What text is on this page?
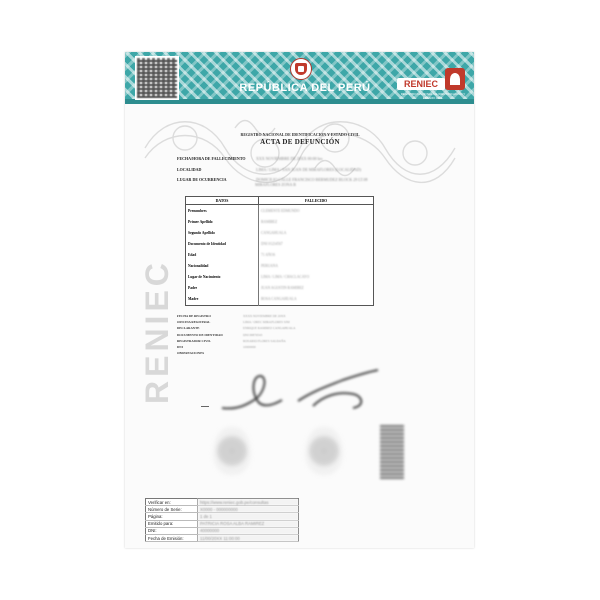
REPÚBLICA DEL PERÚ	RENIEC
REGISTRO NACIONAL DE IDENTIFICACIÓN Y ESTADO CIVIL
RENIEC
REGISTRO NACIONAL DE IDENTIFICACION Y ESTADO CIVIL
ACTA DE DEFUNCIÓN
FECHA/HORA DE FALLECIMIENTO	XXX NOVIEMBRE DE 20XX 00:00 hrs
LOCALIDAD	LIMA / LIMA / SAN JUAN DE MIRAFLORES (LOCALIDAD)
LUGAR DE OCURRENCIA	DOMICILIO CALLE FRANCISCO BERMUDEZ BLOCK 29 LT.08
MIRAFLORES ZONA B
DATOS	FALLECIDO
Prenombres	CLEMENTE EDMUNDO
Primer Apellido	RAMIREZ
Segundo Apellido	CANGAHUALA
Documento de Identidad	DNI 01234567
Edad	71 AÑOS
Nacionalidad	PERUANA
Lugar de Nacimiento	LIMA / LIMA / CHACLACAYO
Padre	JUAN AGUSTIN RAMIREZ
Madre	ROSA CANGAHUALA
FECHA DE REGISTRO	XXXX NOVIEMBRE DE 20XX
OFICINA REGISTRAL	LIMA / OREC MIRAFLORES SJM
DECLARANTE	ENRIQUE RAMIREZ CANGAHUALA
DOCUMENTO DE IDENTIDAD	DNI 09876543
REGISTRADOR CIVIL	ROSARIO FLORES SALDAÑA
DNI	10000000
OBSERVACIONES
Verificar en:	https://www.reniec.gob.pe/consultas
Número de Serie:	X0000 - 000000000
Página:	1 de 1
Emitido para:	PATRICIA ROSA ALBA RAMIREZ
DNI:	40000000
Fecha de Emisión:	11/00/20XX 11:00:00
